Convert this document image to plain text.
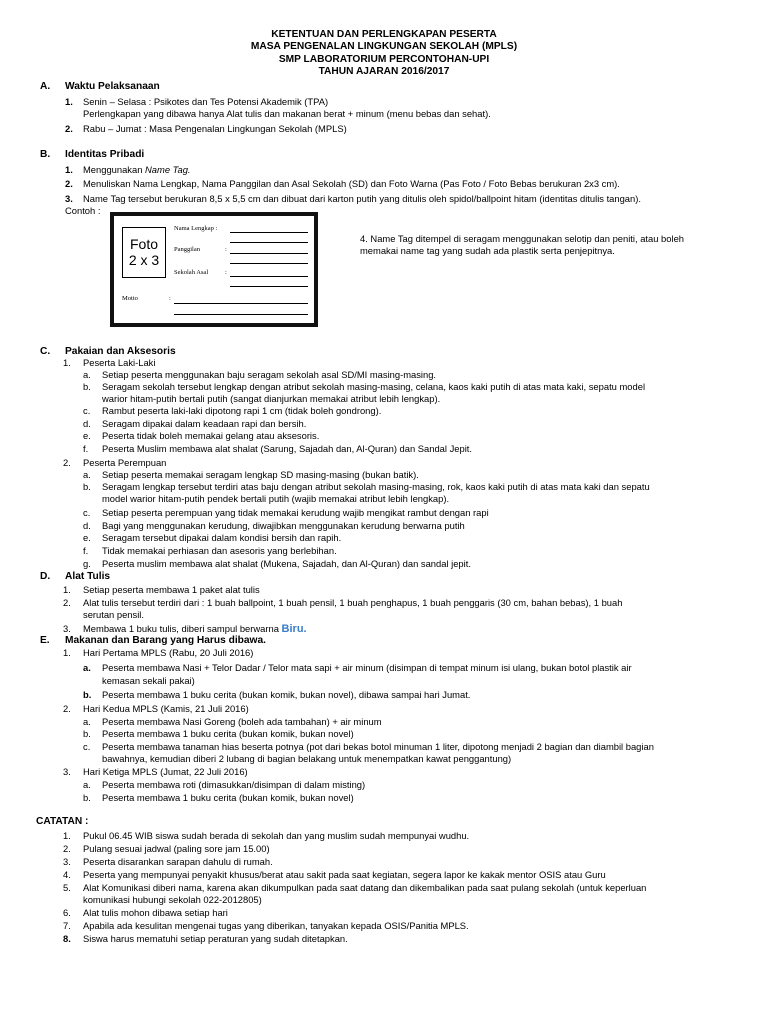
KETENTUAN DAN PERLENGKAPAN PESERTA
MASA PENGENALAN LINGKUNGAN SEKOLAH (MPLS)
SMP LABORATORIUM PERCONTOHAN-UPI
TAHUN AJARAN 2016/2017
A. Waktu Pelaksanaan
1. Senin – Selasa : Psikotes dan Tes Potensi Akademik (TPA)
Perlengkapan yang dibawa hanya Alat tulis dan makanan berat + minum (menu bebas dan sehat).
2. Rabu – Jumat : Masa Pengenalan Lingkungan Sekolah (MPLS)
B. Identitas Pribadi
1. Menggunakan Name Tag.
2. Menuliskan Nama Lengkap, Nama Panggilan dan Asal Sekolah (SD) dan Foto Warna (Pas Foto / Foto Bebas berukuran 2x3 cm).
3. Name Tag tersebut berukuran 8,5 x 5,5 cm dan dibuat dari karton putih yang ditulis oleh spidol/ballpoint hitam (identitas ditulis tangan).
Contoh :
Foto
2 x 3
Nama Lengkap :
Panggilan	:
Sekolah Asal	:
Motto	:
4. Name Tag ditempel di seragam menggunakan selotip dan peniti, atau boleh
memakai name tag yang sudah ada plastik serta penjepitnya.
C. Pakaian dan Aksesoris
1. Peserta Laki-Laki
a. Setiap peserta menggunakan baju seragam sekolah asal SD/MI masing-masing.
b. Seragam sekolah tersebut lengkap dengan atribut sekolah masing-masing, celana, kaos kaki putih di atas mata kaki, sepatu model
warior hitam-putih bertali putih (sangat dianjurkan memakai atribut lebih lengkap).
c. Rambut peserta laki-laki dipotong rapi 1 cm (tidak boleh gondrong).
d. Seragam dipakai dalam keadaan rapi dan bersih.
e. Peserta tidak boleh memakai gelang atau aksesoris.
f. Peserta Muslim membawa alat shalat (Sarung, Sajadah dan, Al-Quran) dan Sandal Jepit.
2. Peserta Perempuan
a. Setiap peserta memakai seragam lengkap SD masing-masing (bukan batik).
b. Seragam lengkap tersebut terdiri atas baju dengan atribut sekolah masing-masing, rok, kaos kaki putih di atas mata kaki dan sepatu
model warior hitam-putih pendek bertali putih (wajib memakai atribut lebih lengkap).
c. Setiap peserta perempuan yang tidak memakai kerudung wajib mengikat rambut dengan rapi
d. Bagi yang menggunakan kerudung, diwajibkan menggunakan kerudung berwarna putih
e. Seragam tersebut dipakai dalam kondisi bersih dan rapih.
f. Tidak memakai perhiasan dan asesoris yang berlebihan.
g. Peserta muslim membawa alat shalat (Mukena, Sajadah, dan Al-Quran) dan sandal jepit.
D. Alat Tulis
1. Setiap peserta membawa 1 paket alat tulis
2. Alat tulis tersebut terdiri dari : 1 buah ballpoint, 1 buah pensil, 1 buah penghapus, 1 buah penggaris (30 cm, bahan bebas), 1 buah
serutan pensil.
3. Membawa 1 buku tulis, diberi sampul berwarna Biru.
E. Makanan dan Barang yang Harus dibawa.
1. Hari Pertama MPLS (Rabu, 20 Juli 2016)
a. Peserta membawa Nasi + Telor Dadar / Telor mata sapi + air minum (disimpan di tempat minum isi ulang, bukan botol plastik air
kemasan sekali pakai)
b. Peserta membawa 1 buku cerita (bukan komik, bukan novel), dibawa sampai hari Jumat.
2. Hari Kedua MPLS (Kamis, 21 Juli 2016)
a. Peserta membawa Nasi Goreng (boleh ada tambahan) + air minum
b. Peserta membawa 1 buku cerita (bukan komik, bukan novel)
c. Peserta membawa tanaman hias beserta potnya (pot dari bekas botol minuman 1 liter, dipotong menjadi 2 bagian dan diambil bagian
bawahnya, kemudian diberi 2 lubang di bagian belakang untuk menempatkan kawat penggantung)
3. Hari Ketiga MPLS (Jumat, 22 Juli 2016)
a. Peserta membawa roti (dimasukkan/disimpan di dalam misting)
b. Peserta membawa 1 buku cerita (bukan komik, bukan novel)
CATATAN :
1. Pukul 06.45 WIB siswa sudah berada di sekolah dan yang muslim sudah mempunyai wudhu.
2. Pulang sesuai jadwal (paling sore jam 15.00)
3. Peserta disarankan sarapan dahulu di rumah.
4. Peserta yang mempunyai penyakit khusus/berat atau sakit pada saat kegiatan, segera lapor ke kakak mentor OSIS atau Guru
5. Alat Komunikasi diberi nama, karena akan dikumpulkan pada saat datang dan dikembalikan pada saat pulang sekolah (untuk keperluan
komunikasi hubungi sekolah 022-2012805)
6. Alat tulis mohon dibawa setiap hari
7. Apabila ada kesulitan mengenai tugas yang diberikan, tanyakan kepada OSIS/Panitia MPLS.
8. Siswa harus mematuhi setiap peraturan yang sudah ditetapkan.
